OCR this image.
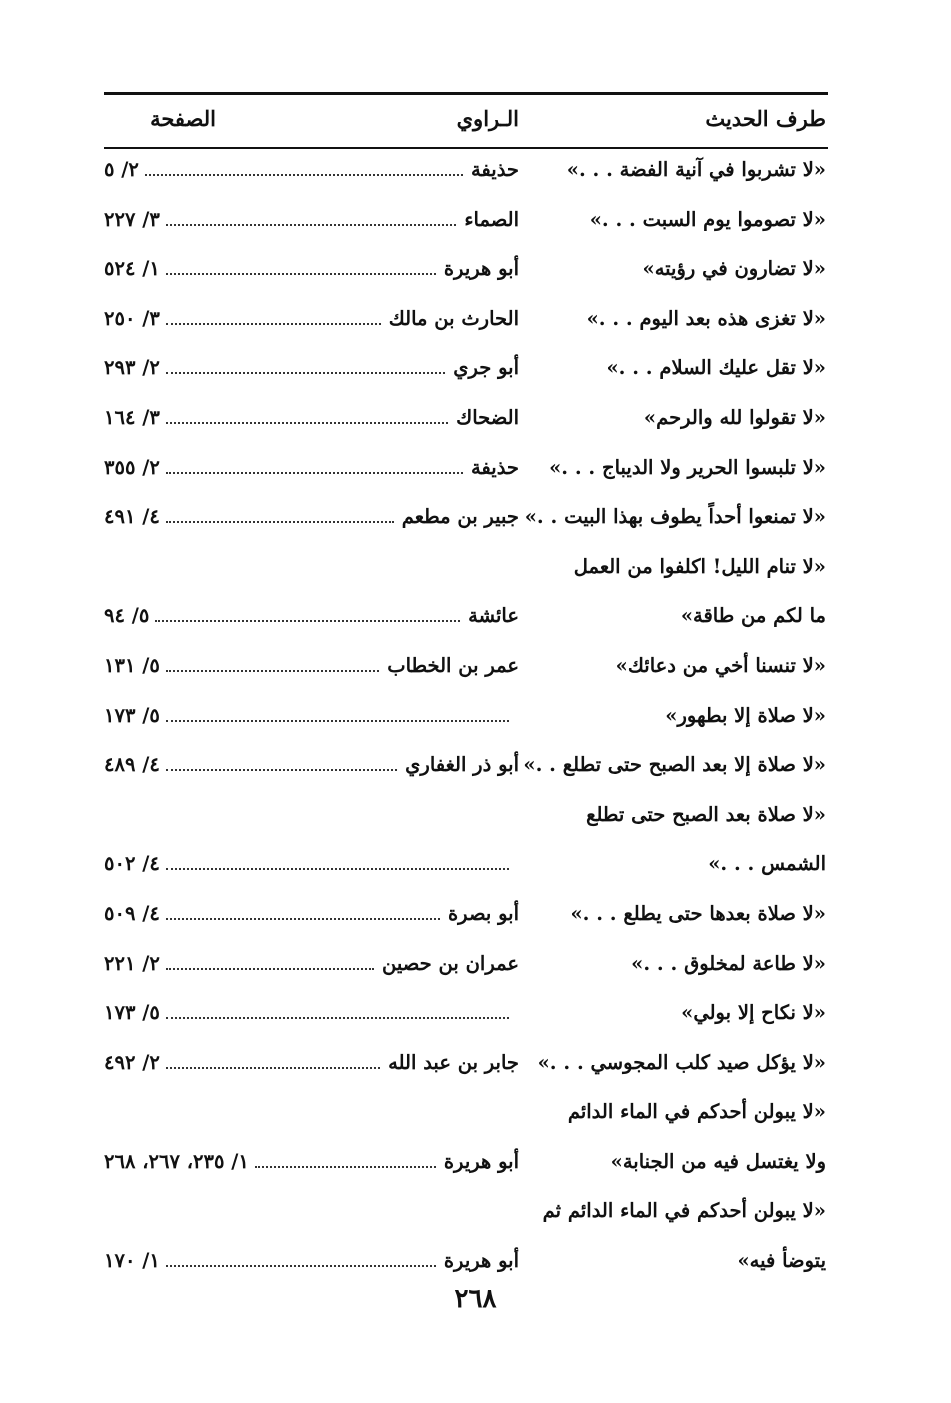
طرف الحديث
الـراوي
الصفحة
«لا تشربوا في آنية الفضة . . .»
حذيفة
٢/ ٥
«لا تصوموا يوم السبت . . .»
الصماء
٣/ ٢٢٧
«لا تضارون في رؤيته»
أبو هريرة
١/ ٥٢٤
«لا تغزى هذه بعد اليوم . . .»
الحارث بن مالك
٣/ ٢٥٠
«لا تقل عليك السلام . . .»
أبو جري
٢/ ٢٩٣
«لا تقولوا لله والرحم»
الضحاك
٣/ ١٦٤
«لا تلبسوا الحرير ولا الديباج . . .»
حذيفة
٢/ ٣٥٥
«لا تمنعوا أحداً يطوف بهذا البيت . .»
جبير بن مطعم
٤/ ٤٩١
«لا تنام الليل! اكلفوا من العمل
ما لكم من طاقة»
عائشة
٥/ ٩٤
«لا تنسنا أخي من دعائك»
عمر بن الخطاب
٥/ ١٣١
«لا صلاة إلا بطهور»
٥/ ١٧٣
«لا صلاة إلا بعد الصبح حتى تطلع . .»
أبو ذر الغفاري
٤/ ٤٨٩
«لا صلاة بعد الصبح حتى تطلع
الشمس . . .»
٤/ ٥٠٢
«لا صلاة بعدها حتى يطلع . . .»
أبو بصرة
٤/ ٥٠٩
«لا طاعة لمخلوق . . .»
عمران بن حصين
٢/ ٢٢١
«لا نكاح إلا بولي»
٥/ ١٧٣
«لا يؤكل صيد كلب المجوسي . . .»
جابر بن عبد الله
٢/ ٤٩٢
«لا يبولن أحدكم في الماء الدائم
ولا يغتسل فيه من الجنابة»
أبو هريرة
١/ ٢٣٥، ٢٦٧، ٢٦٨
«لا يبولن أحدكم في الماء الدائم ثم
يتوضأ فيه»
أبو هريرة
١/ ١٧٠
٢٦٨
